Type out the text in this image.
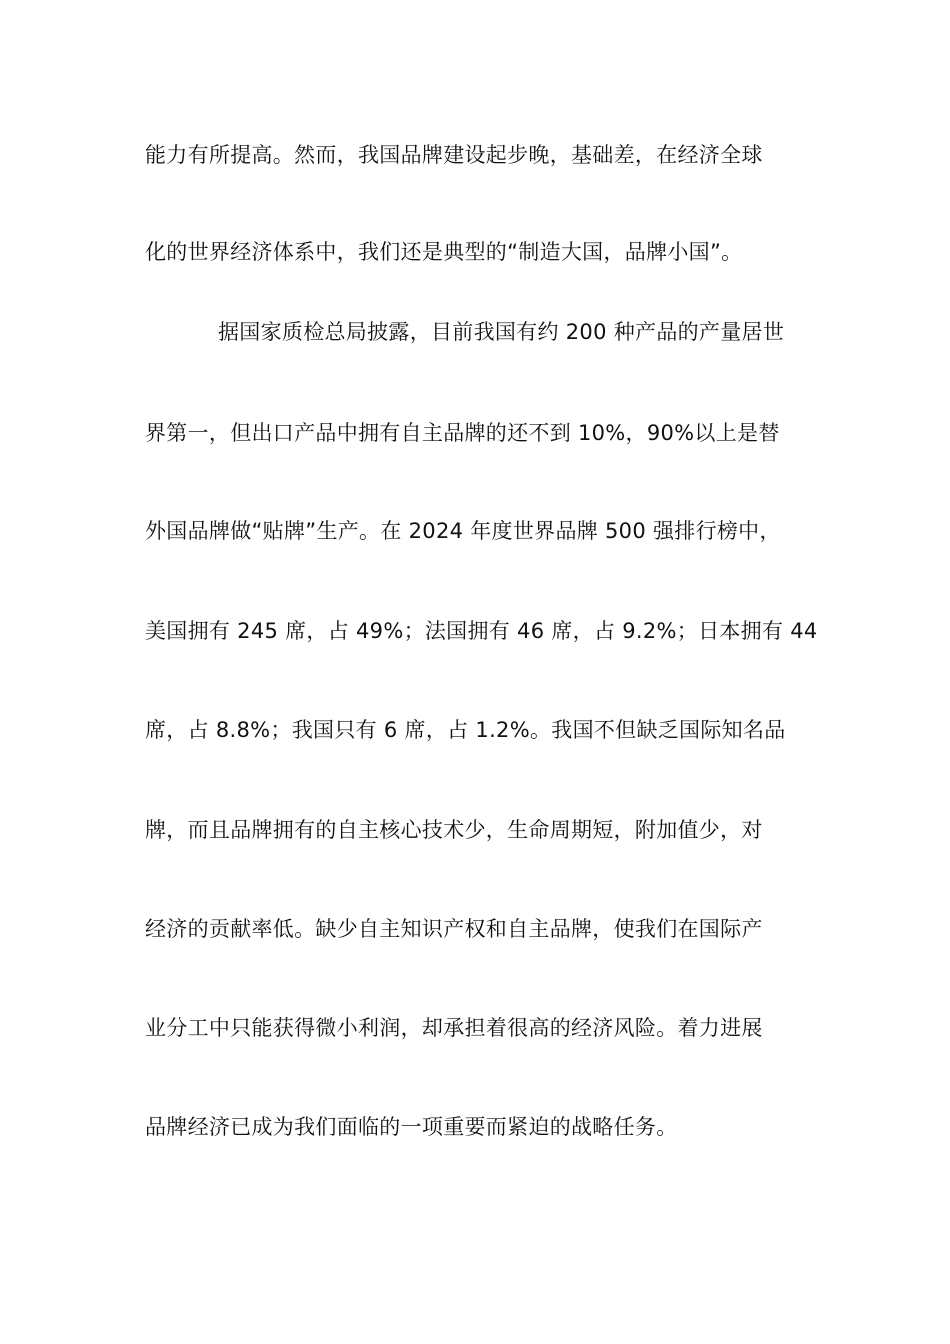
能力有所提高。然而，我国品牌建设起步晚，基础差，在经济全球
化的世界经济体系中，我们还是典型的“制造大国，品牌小国”。
据国家质检总局披露，目前我国有约 200 种产品的产量居世
界第一，但出口产品中拥有自主品牌的还不到 10%，90%以上是替
外国品牌做“贴牌”生产。在 2024 年度世界品牌 500 强排行榜中，
美国拥有 245 席，占 49%；法国拥有 46 席，占 9.2%；日本拥有 44
席，占 8.8%；我国只有 6 席，占 1.2%。我国不但缺乏国际知名品
牌，而且品牌拥有的自主核心技术少，生命周期短，附加值少，对
经济的贡献率低。缺少自主知识产权和自主品牌，使我们在国际产
业分工中只能获得微小利润，却承担着很高的经济风险。着力进展
品牌经济已成为我们面临的一项重要而紧迫的战略任务。
